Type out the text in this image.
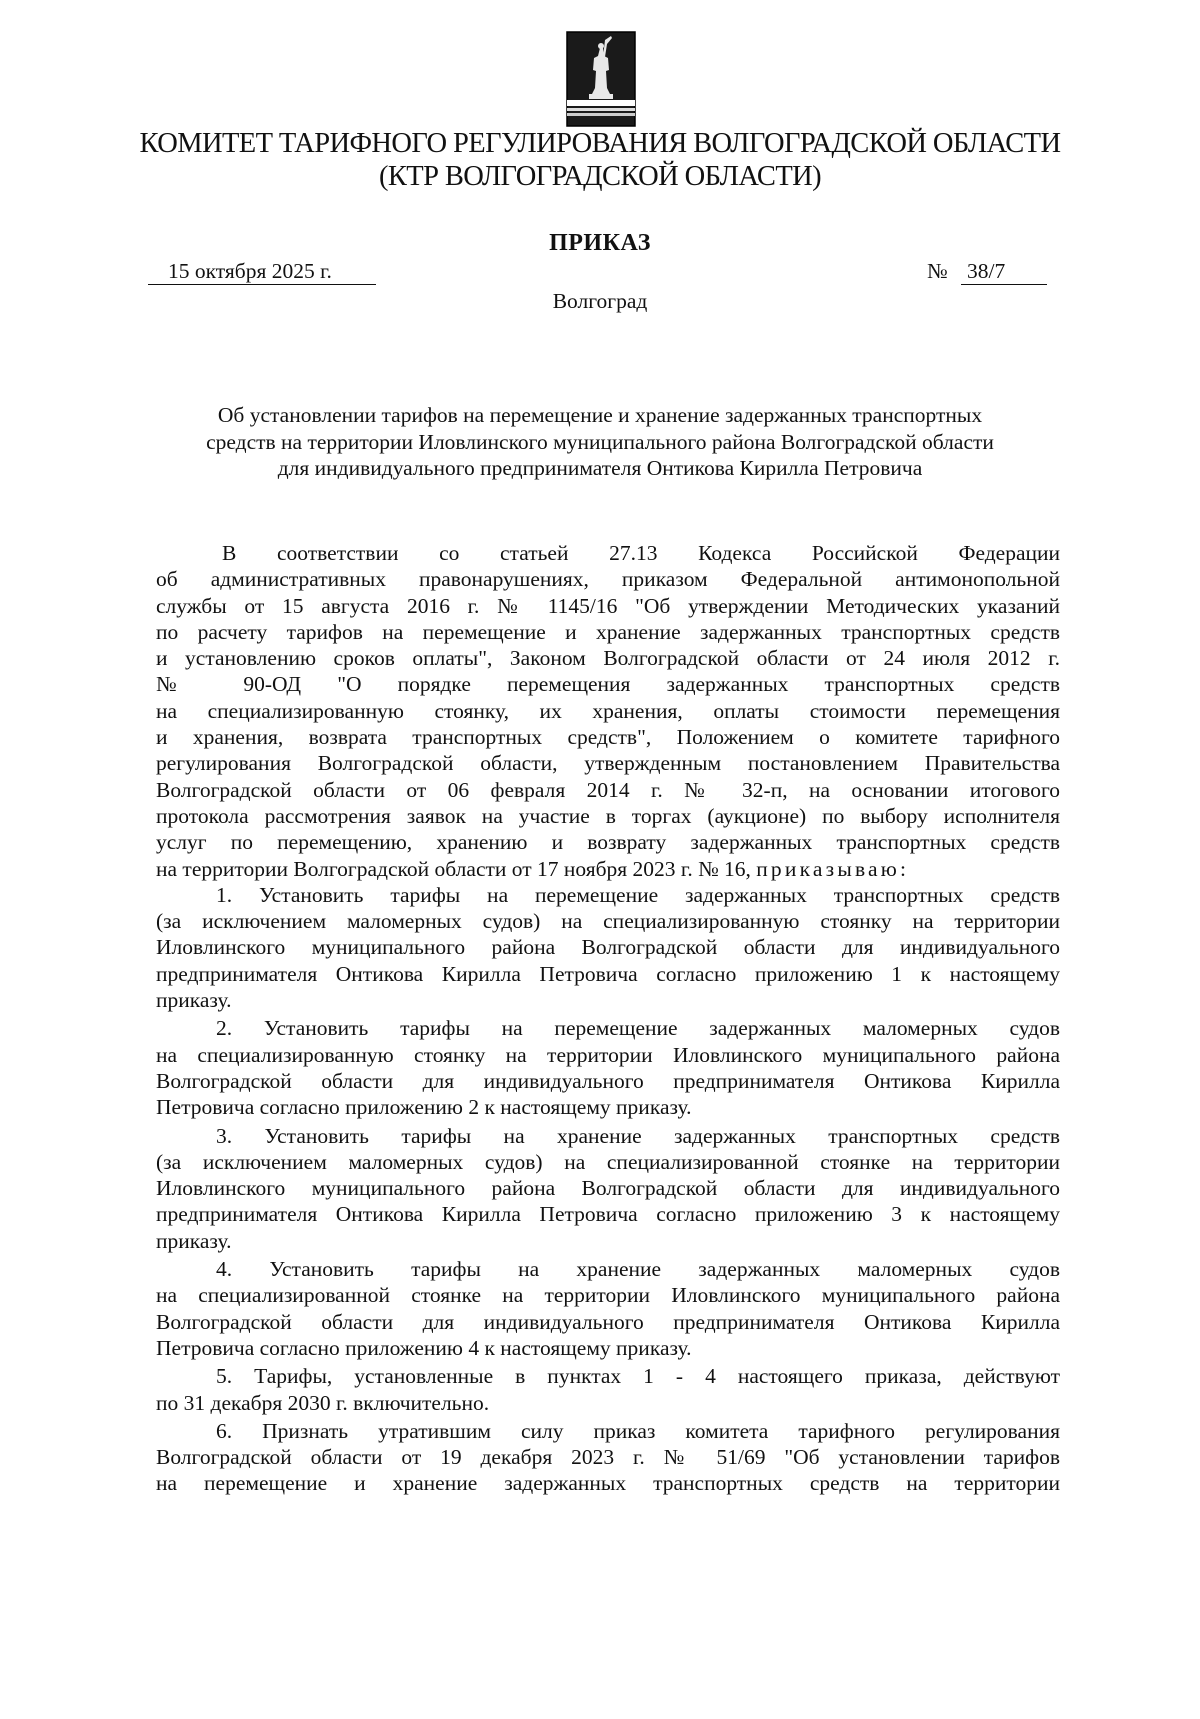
КОМИТЕТ ТАРИФНОГО РЕГУЛИРОВАНИЯ ВОЛГОГРАДСКОЙ ОБЛАСТИ
(КТР ВОЛГОГРАДСКОЙ ОБЛАСТИ)
ПРИКАЗ
15 октября 2025 г.	№ 38/7
Волгоград
Об установлении тарифов на перемещение и хранение задержанных транспортных
средств на территории Иловлинского муниципального района Волгоградской области
для индивидуального предпринимателя Онтикова Кирилла Петровича
В соответствии со статьей 27.13 Кодекса Российской Федерации
об административных правонарушениях, приказом Федеральной антимонопольной
службы от 15 августа 2016 г. № 1145/16 "Об утверждении Методических указаний
по расчету тарифов на перемещение и хранение задержанных транспортных средств
и установлению сроков оплаты", Законом Волгоградской области от 24 июля 2012 г.
№ 90-ОД "О порядке перемещения задержанных транспортных средств
на специализированную стоянку, их хранения, оплаты стоимости перемещения
и хранения, возврата транспортных средств", Положением о комитете тарифного
регулирования Волгоградской области, утвержденным постановлением Правительства
Волгоградской области от 06 февраля 2014 г. № 32-п, на основании итогового
протокола рассмотрения заявок на участие в торгах (аукционе) по выбору исполнителя
услуг по перемещению, хранению и возврату задержанных транспортных средств
на территории Волгоградской области от 17 ноября 2023 г. № 16, приказываю:
1. Установить тарифы на перемещение задержанных транспортных средств
(за исключением маломерных судов) на специализированную стоянку на территории
Иловлинского муниципального района Волгоградской области для индивидуального
предпринимателя Онтикова Кирилла Петровича согласно приложению 1 к настоящему
приказу.
2. Установить тарифы на перемещение задержанных маломерных судов
на специализированную стоянку на территории Иловлинского муниципального района
Волгоградской области для индивидуального предпринимателя Онтикова Кирилла
Петровича согласно приложению 2 к настоящему приказу.
3. Установить тарифы на хранение задержанных транспортных средств
(за исключением маломерных судов) на специализированной стоянке на территории
Иловлинского муниципального района Волгоградской области для индивидуального
предпринимателя Онтикова Кирилла Петровича согласно приложению 3 к настоящему
приказу.
4. Установить тарифы на хранение задержанных маломерных судов
на специализированной стоянке на территории Иловлинского муниципального района
Волгоградской области для индивидуального предпринимателя Онтикова Кирилла
Петровича согласно приложению 4 к настоящему приказу.
5. Тарифы, установленные в пунктах 1 - 4 настоящего приказа, действуют
по 31 декабря 2030 г. включительно.
6. Признать утратившим силу приказ комитета тарифного регулирования
Волгоградской области от 19 декабря 2023 г. № 51/69 "Об установлении тарифов
на перемещение и хранение задержанных транспортных средств на территории
